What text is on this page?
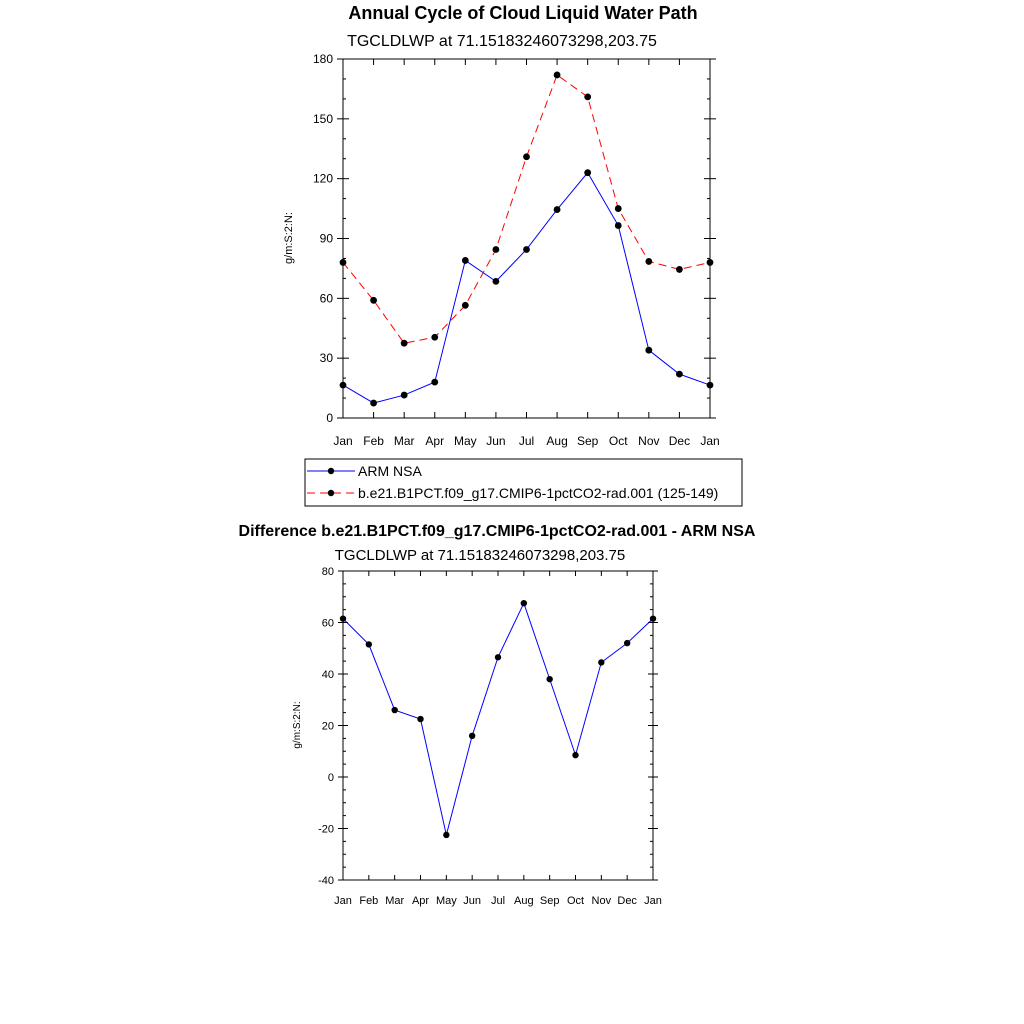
Annual Cycle of Cloud Liquid Water Path
TGCLDLWP at 71.15183246073298,203.75
g/m:S:2:N:
Jan Feb Mar Apr May Jun Jul Aug Sep Oct Nov Dec Jan
0
30
60
90
120
150
180
ARM NSA
b.e21.B1PCT.f09_g17.CMIP6-1pctCO2-rad.001 (125-149)
Difference b.e21.B1PCT.f09_g17.CMIP6-1pctCO2-rad.001 - ARM NSA
TGCLDLWP at 71.15183246073298,203.75
g/m:S:2:N:
Jan Feb Mar Apr May Jun Jul Aug Sep Oct Nov Dec Jan
-40
-20
0
20
40
60
80
